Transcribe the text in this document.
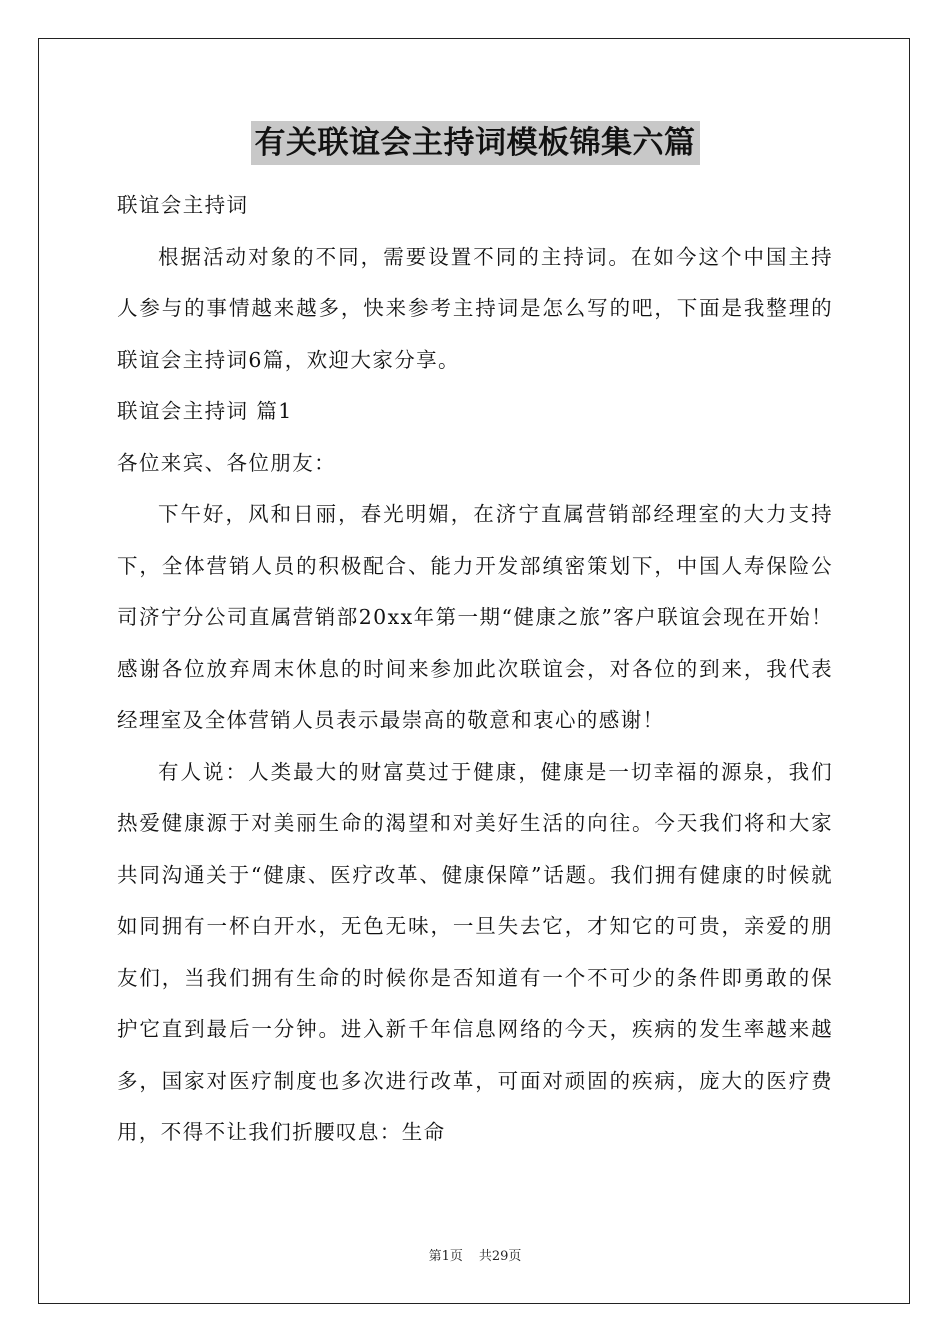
有关联谊会主持词模板锦集六篇

联谊会主持词

根据活动对象的不同，需要设置不同的主持词。在如今这个中国主持人参与的事情越来越多，快来参考主持词是怎么写的吧，下面是我整理的联谊会主持词6篇，欢迎大家分享。

联谊会主持词 篇1

各位来宾、各位朋友：

下午好，风和日丽，春光明媚，在济宁直属营销部经理室的大力支持下，全体营销人员的积极配合、能力开发部缜密策划下，中国人寿保险公司济宁分公司直属营销部20xx年第一期“健康之旅”客户联谊会现在开始！感谢各位放弃周末休息的时间来参加此次联谊会，对各位的到来，我代表经理室及全体营销人员表示最崇高的敬意和衷心的感谢！

有人说：人类最大的财富莫过于健康，健康是一切幸福的源泉，我们热爱健康源于对美丽生命的渴望和对美好生活的向往。今天我们将和大家共同沟通关于“健康、医疗改革、健康保障”话题。我们拥有健康的时候就如同拥有一杯白开水，无色无味，一旦失去它，才知它的可贵，亲爱的朋友们，当我们拥有生命的时候你是否知道有一个不可少的条件即勇敢的保护它直到最后一分钟。进入新千年信息网络的今天，疾病的发生率越来越多，国家对医疗制度也多次进行改革，可面对顽固的疾病，庞大的医疗费用，不得不让我们折腰叹息：生命

第1页 共29页
